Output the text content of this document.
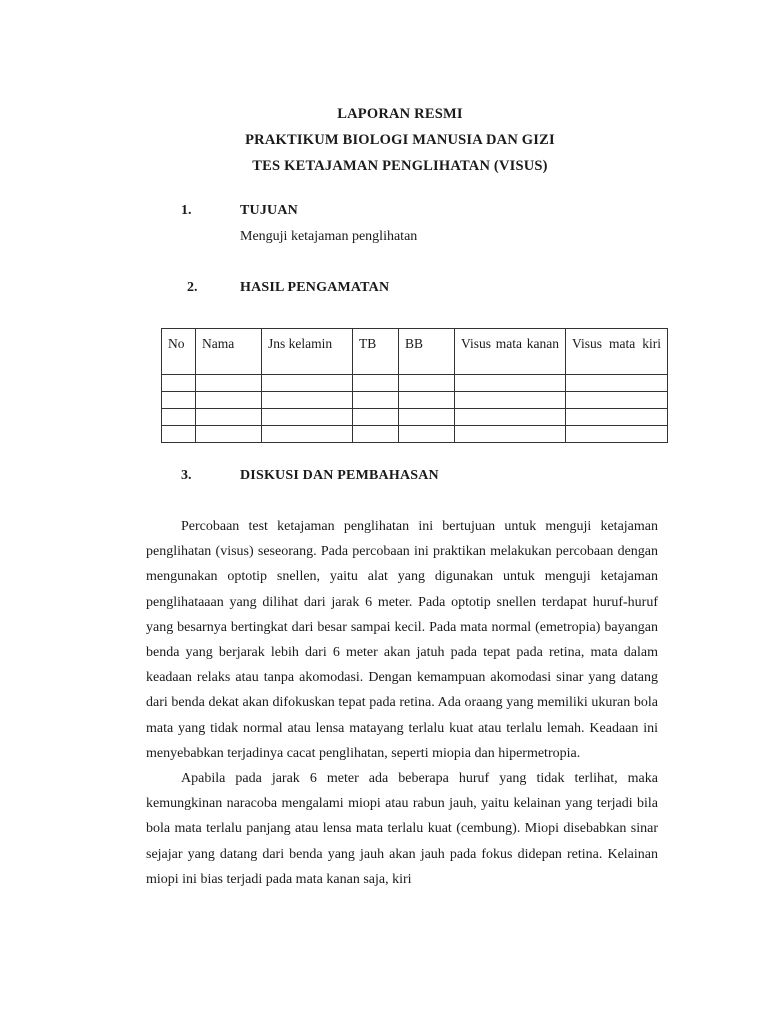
LAPORAN RESMI
PRAKTIKUM BIOLOGI MANUSIA DAN GIZI
TES KETAJAMAN PENGLIHATAN (VISUS)
1.	TUJUAN
Menguji ketajaman penglihatan
2.	HASIL PENGAMATAN
No	Nama	Jns kelamin	TB	BB	Visus mata kanan	Visus mata kiri

3.	DISKUSI DAN PEMBAHASAN

Percobaan test ketajaman penglihatan ini bertujuan untuk menguji ketajaman penglihatan (visus) seseorang. Pada percobaan ini praktikan melakukan percobaan dengan mengunakan optotip snellen, yaitu alat yang digunakan untuk menguji ketajaman penglihataaan yang dilihat dari jarak 6 meter. Pada optotip snellen terdapat huruf-huruf yang besarnya bertingkat dari besar sampai kecil. Pada mata normal (emetropia) bayangan benda yang berjarak lebih dari 6 meter akan jatuh pada tepat pada retina, mata dalam keadaan relaks atau tanpa akomodasi. Dengan kemampuan akomodasi sinar yang datang dari benda dekat akan difokuskan tepat pada retina. Ada oraang yang memiliki ukuran bola mata yang tidak normal atau lensa matayang terlalu kuat atau terlalu lemah. Keadaan ini menyebabkan terjadinya cacat penglihatan, seperti miopia dan hipermetropia.

Apabila pada jarak 6 meter ada beberapa huruf yang tidak terlihat, maka kemungkinan naracoba mengalami miopi atau rabun jauh, yaitu kelainan yang terjadi bila bola mata terlalu panjang atau lensa mata terlalu kuat (cembung). Miopi disebabkan sinar sejajar yang datang dari benda yang jauh akan jauh pada fokus didepan retina. Kelainan miopi ini bias terjadi pada mata kanan saja, kiri
